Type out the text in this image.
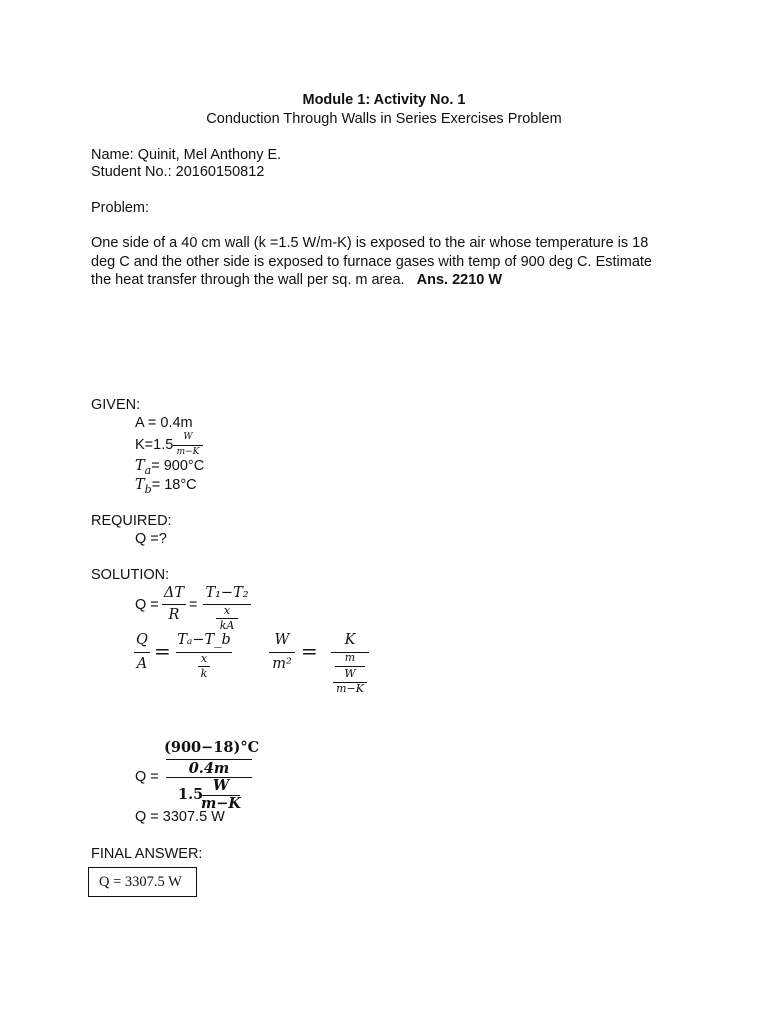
Module 1: Activity No. 1
Conduction Through Walls in Series Exercises Problem
Name: Quinit, Mel Anthony E.
Student No.: 20160150812
Problem:
One side of a 40 cm wall (k =1.5 W/m-K) is exposed to the air whose temperature is 18
deg C and the other side is exposed to furnace gases with temp of 900 deg C. Estimate
the heat transfer through the wall per sq. m area. Ans. 2210 W
GIVEN:
A = 0.4m
K=1.5	W
m−K
$T_a= 900^\circ C$
$T_b= 18^\circ C$
REQUIRED:
Q =?
SOLUTION:
Q =
ΔT
R
=
T₁−T₂
x
kA
Q
A
= Tₐ−T_b
x
k
W
m²
=	K
m
W
m−K
Q =
(900−18)°C
0.4m
1.5
W
m−K
Q = 3307.5 W
FINAL ANSWER:
Q = 3307.5 W
